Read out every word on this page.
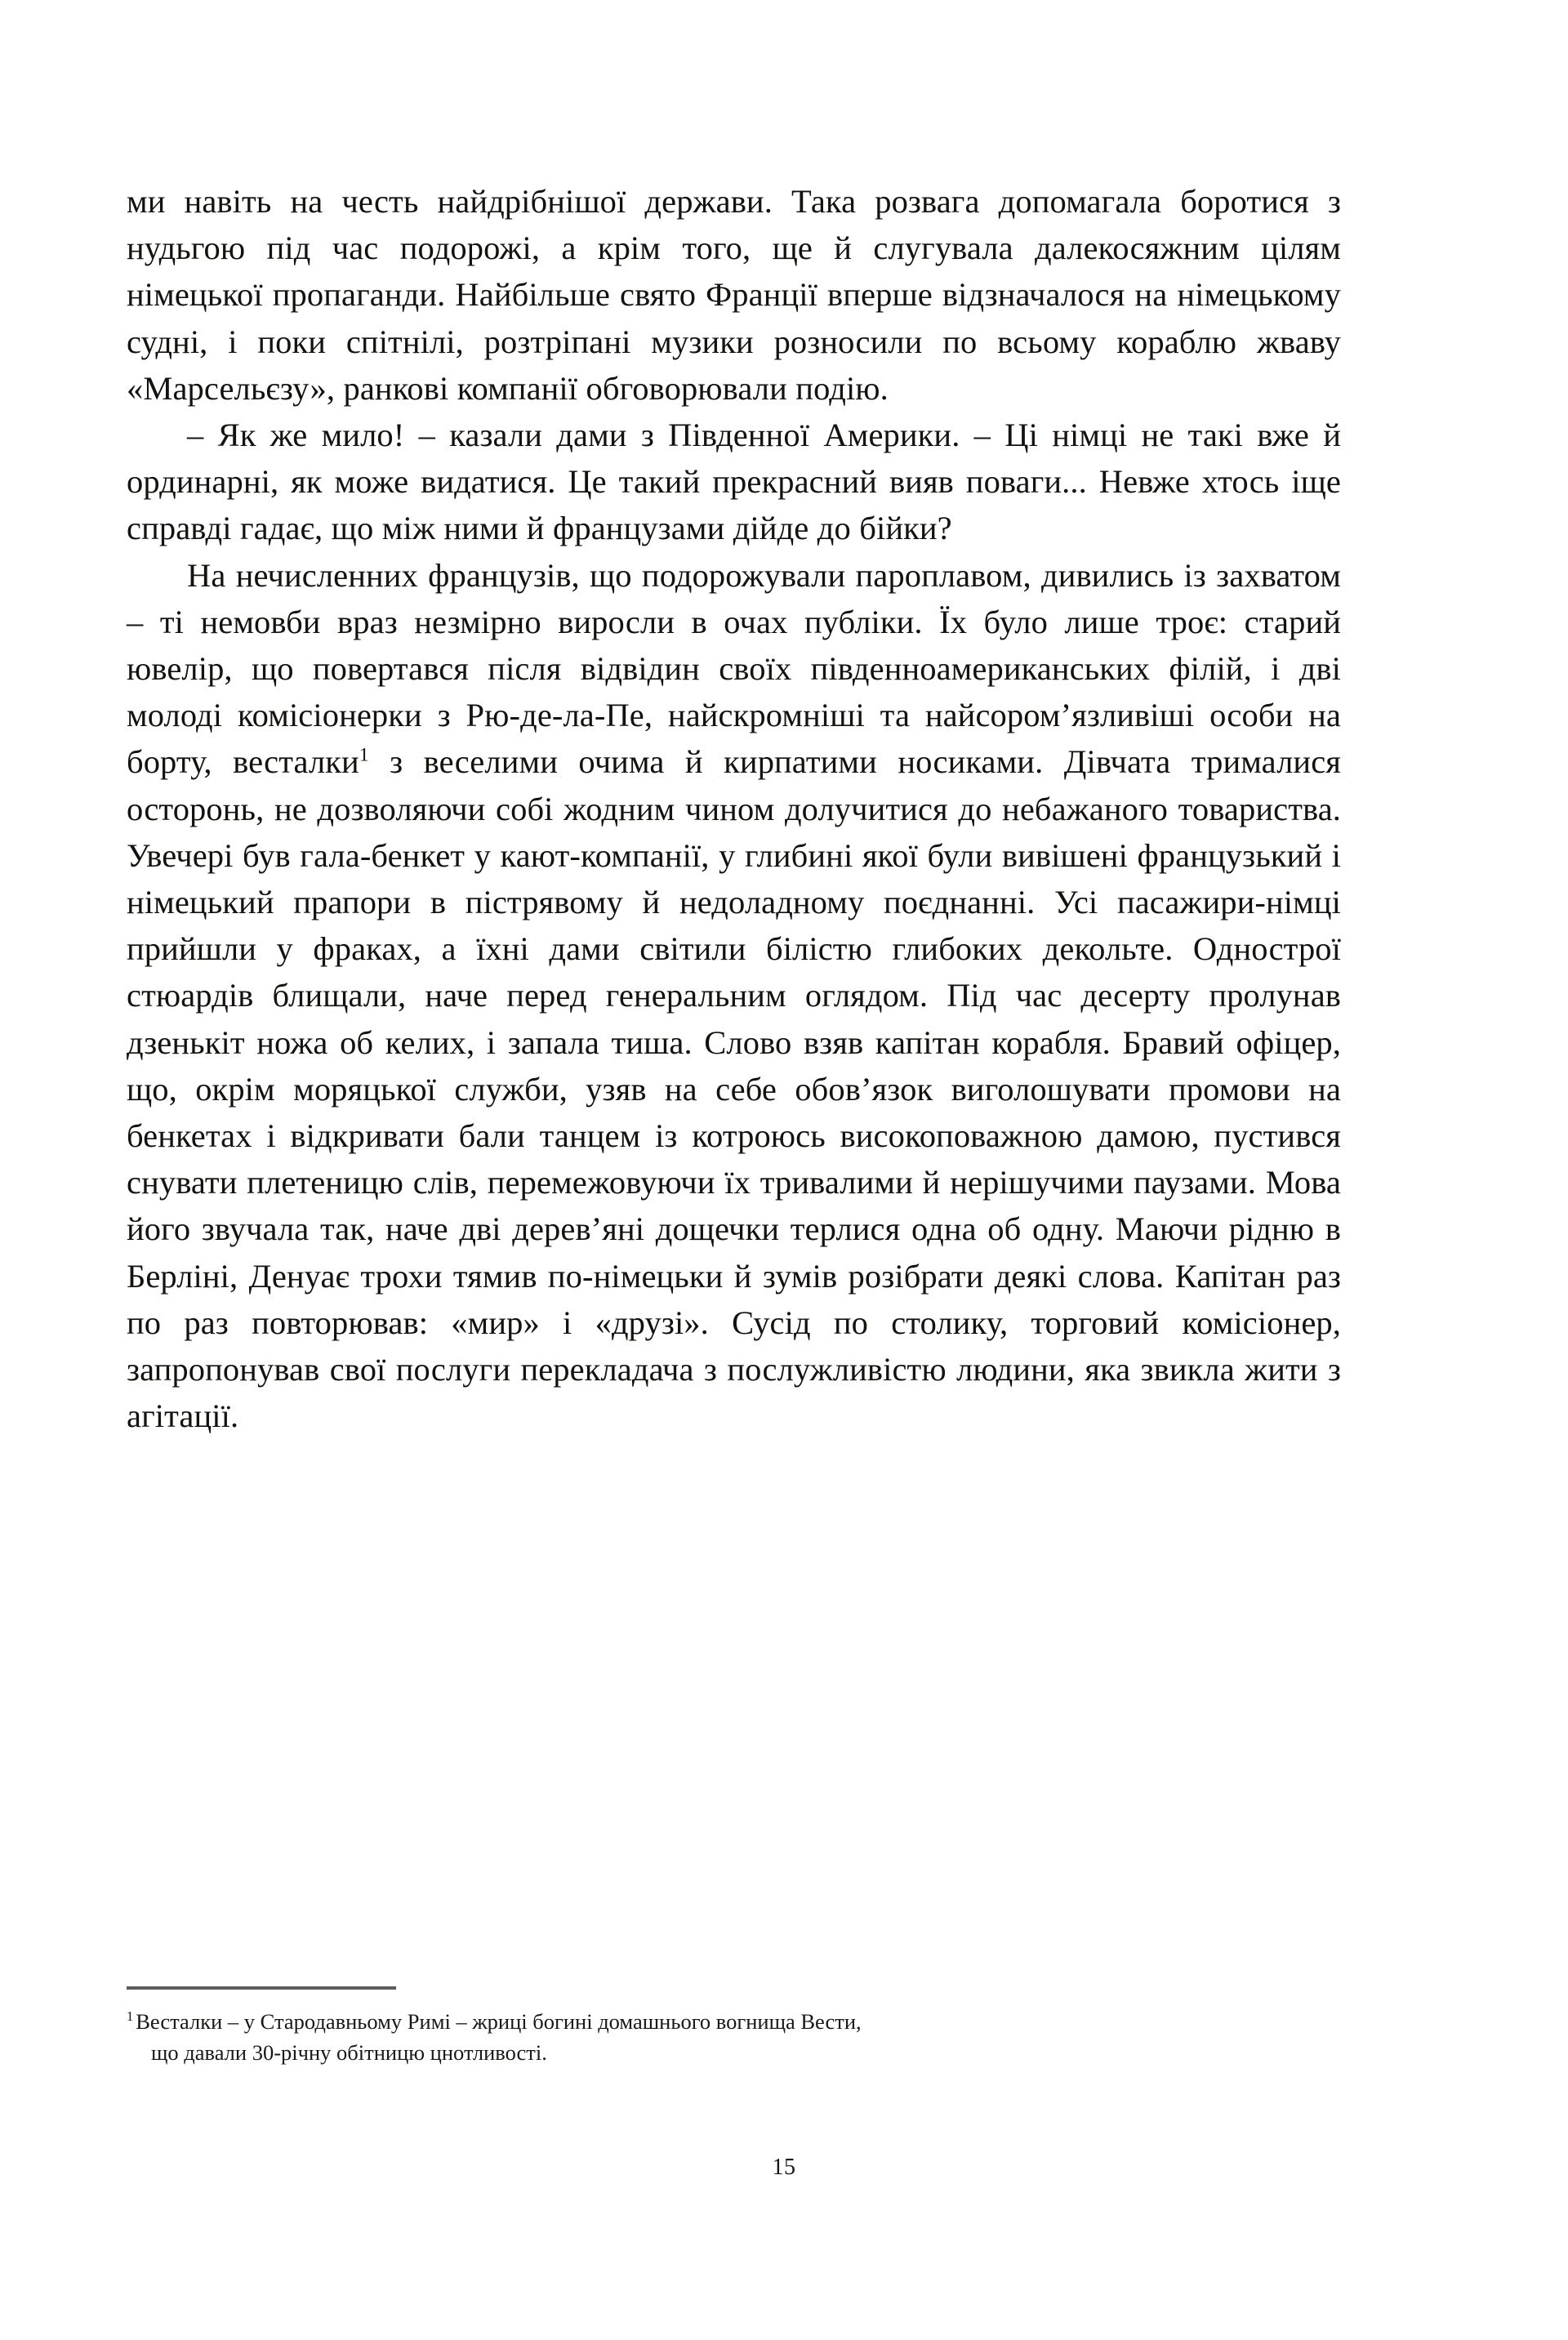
ми навіть на честь найдрібнішої держави. Така розвага допомагала боротися з нудьгою під час подорожі, а крім того, ще й слугувала далекосяжним цілям німецької пропаганди. Найбільше свято Франції вперше відзначалося на німецькому судні, і поки спітнілі, розтріпані музики розносили по всьому кораблю жваву «Марсельєзу», ранкові компанії обговорювали подію.

– Як же мило! – казали дами з Південної Америки. – Ці німці не такі вже й ординарні, як може видатися. Це такий прекрасний вияв поваги... Невже хтось іще справді гадає, що між ними й французами дійде до бійки?

На нечисленних французів, що подорожували пароплавом, дивились із захватом – ті немовби враз незмірно виросли в очах публіки. Їх було лише троє: старий ювелір, що повертався після відвідин своїх південноамериканських філій, і дві молоді комісіонерки з Рю-де-ла-Пе, найскромніші та найсором’язливіші особи на борту, весталки$^1$ з веселими очима й кирпатими носиками. Дівчата трималися осторонь, не дозволяючи собі жодним чином долучитися до небажаного товариства. Увечері був гала-бенкет у кают-компанії, у глибині якої були вивішені французький і німецький прапори в пістрявому й недоладному поєднанні. Усі пасажири-німці прийшли у фраках, а їхні дами світили білістю глибоких декольте. Однострої стюардів блищали, наче перед генеральним оглядом. Під час десерту пролунав дзенькіт ножа об келих, і запала тиша. Слово взяв капітан корабля. Бравий офіцер, що, окрім моряцької служби, узяв на себе обов’язок виголошувати промови на бенкетах і відкривати бали танцем із котроюсь високоповажною дамою, пустився снувати плетеницю слів, перемежовуючи їх тривалими й нерішучими паузами. Мова його звучала так, наче дві дерев’яні дощечки терлися одна об одну. Маючи рідню в Берліні, Денуає трохи тямив по-німецьки й зумів розібрати деякі слова. Капітан раз по раз повторював: «мир» і «друзі». Сусід по столику, торговий комісіонер, запропонував свої послуги перекладача з послужливістю людини, яка звикла жити з агітації.

$^1$ Весталки – у Стародавньому Римі – жриці богині домашнього вогнища Вести,
що давали 30-річну обітницю цнотливості.

15
